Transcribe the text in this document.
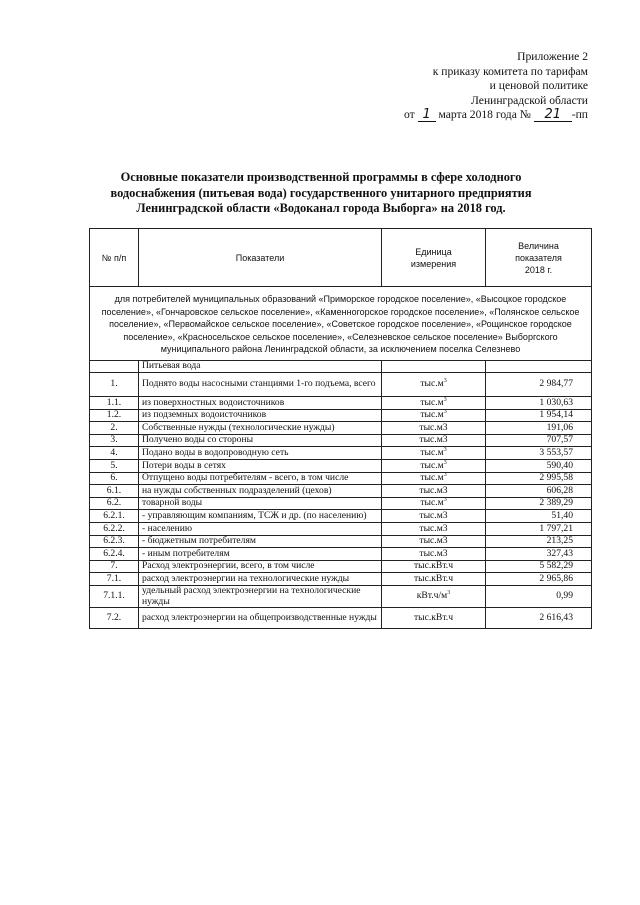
Приложение 2
к приказу комитета по тарифам
и ценовой политике
Ленинградской области
от 1 марта 2018 года № 21 -пп
Основные показатели производственной программы в сфере холодного водоснабжения (питьевая вода) государственного унитарного предприятия Ленинградской области «Водоканал города Выборга» на 2018 год.
№ п/п	Показатели	Единица измерения	Величина показателя 2018 г.
для потребителей муниципальных образований «Приморское городское поселение», «Высоцкое городское поселение», «Гончаровское сельское поселение», «Каменногорское городское поселение», «Полянское сельское поселение», «Первомайское сельское поселение», «Советское городское поселение», «Рощинское городское поселение», «Красносельское сельское поселение», «Селезневское сельское поселение» Выборгского муниципального района Ленинградской области, за исключением поселка Селезнево			
	Питьевая вода		
1.	Поднято воды насосными станциями 1-го подъема, всего	$тыс.м^3$	2 984,77
1.1.	из поверхностных водоисточников	$тыс.м^3$	1 030,63
1.2.	из подземных водоисточников	$тыс.м^3$	1 954,14
2.	Собственные нужды (технологические нужды)	тыс.м3	191,06
3.	Получено воды со стороны	тыс.м3	707,57
4.	Подано воды в водопроводную сеть	$тыс.м^3$	3 553,57
5.	Потери воды в сетях	$тыс.м^3$	590,40
6.	Отпущено воды потребителям - всего, в том числе	$тыс.м^3$	2 995,58
6.1.	на нужды собственных подразделений (цехов)	тыс.м3	606,28
6.2.	товарной воды	$тыс.м^3$	2 389,29
6.2.1.	- управляющим компаниям, ТСЖ и др. (по населению)	тыс.м3	51,40
6.2.2.	- населению	тыс.м3	1 797,21
6.2.3.	- бюджетным потребителям	тыс.м3	213,25
6.2.4.	- иным потребителям	тыс.м3	327,43
7.	Расход электроэнергии, всего, в том числе	тыс.кВт.ч	5 582,29
7.1.	расход электроэнергии на технологические нужды	тыс.кВт.ч	2 965,86
7.1.1.	удельный расход электроэнергии на технологические нужды	$кВт.ч/м^3$	0,99
7.2.	расход электроэнергии на общепроизводственные нужды	тыс.кВт.ч	2 616,43
